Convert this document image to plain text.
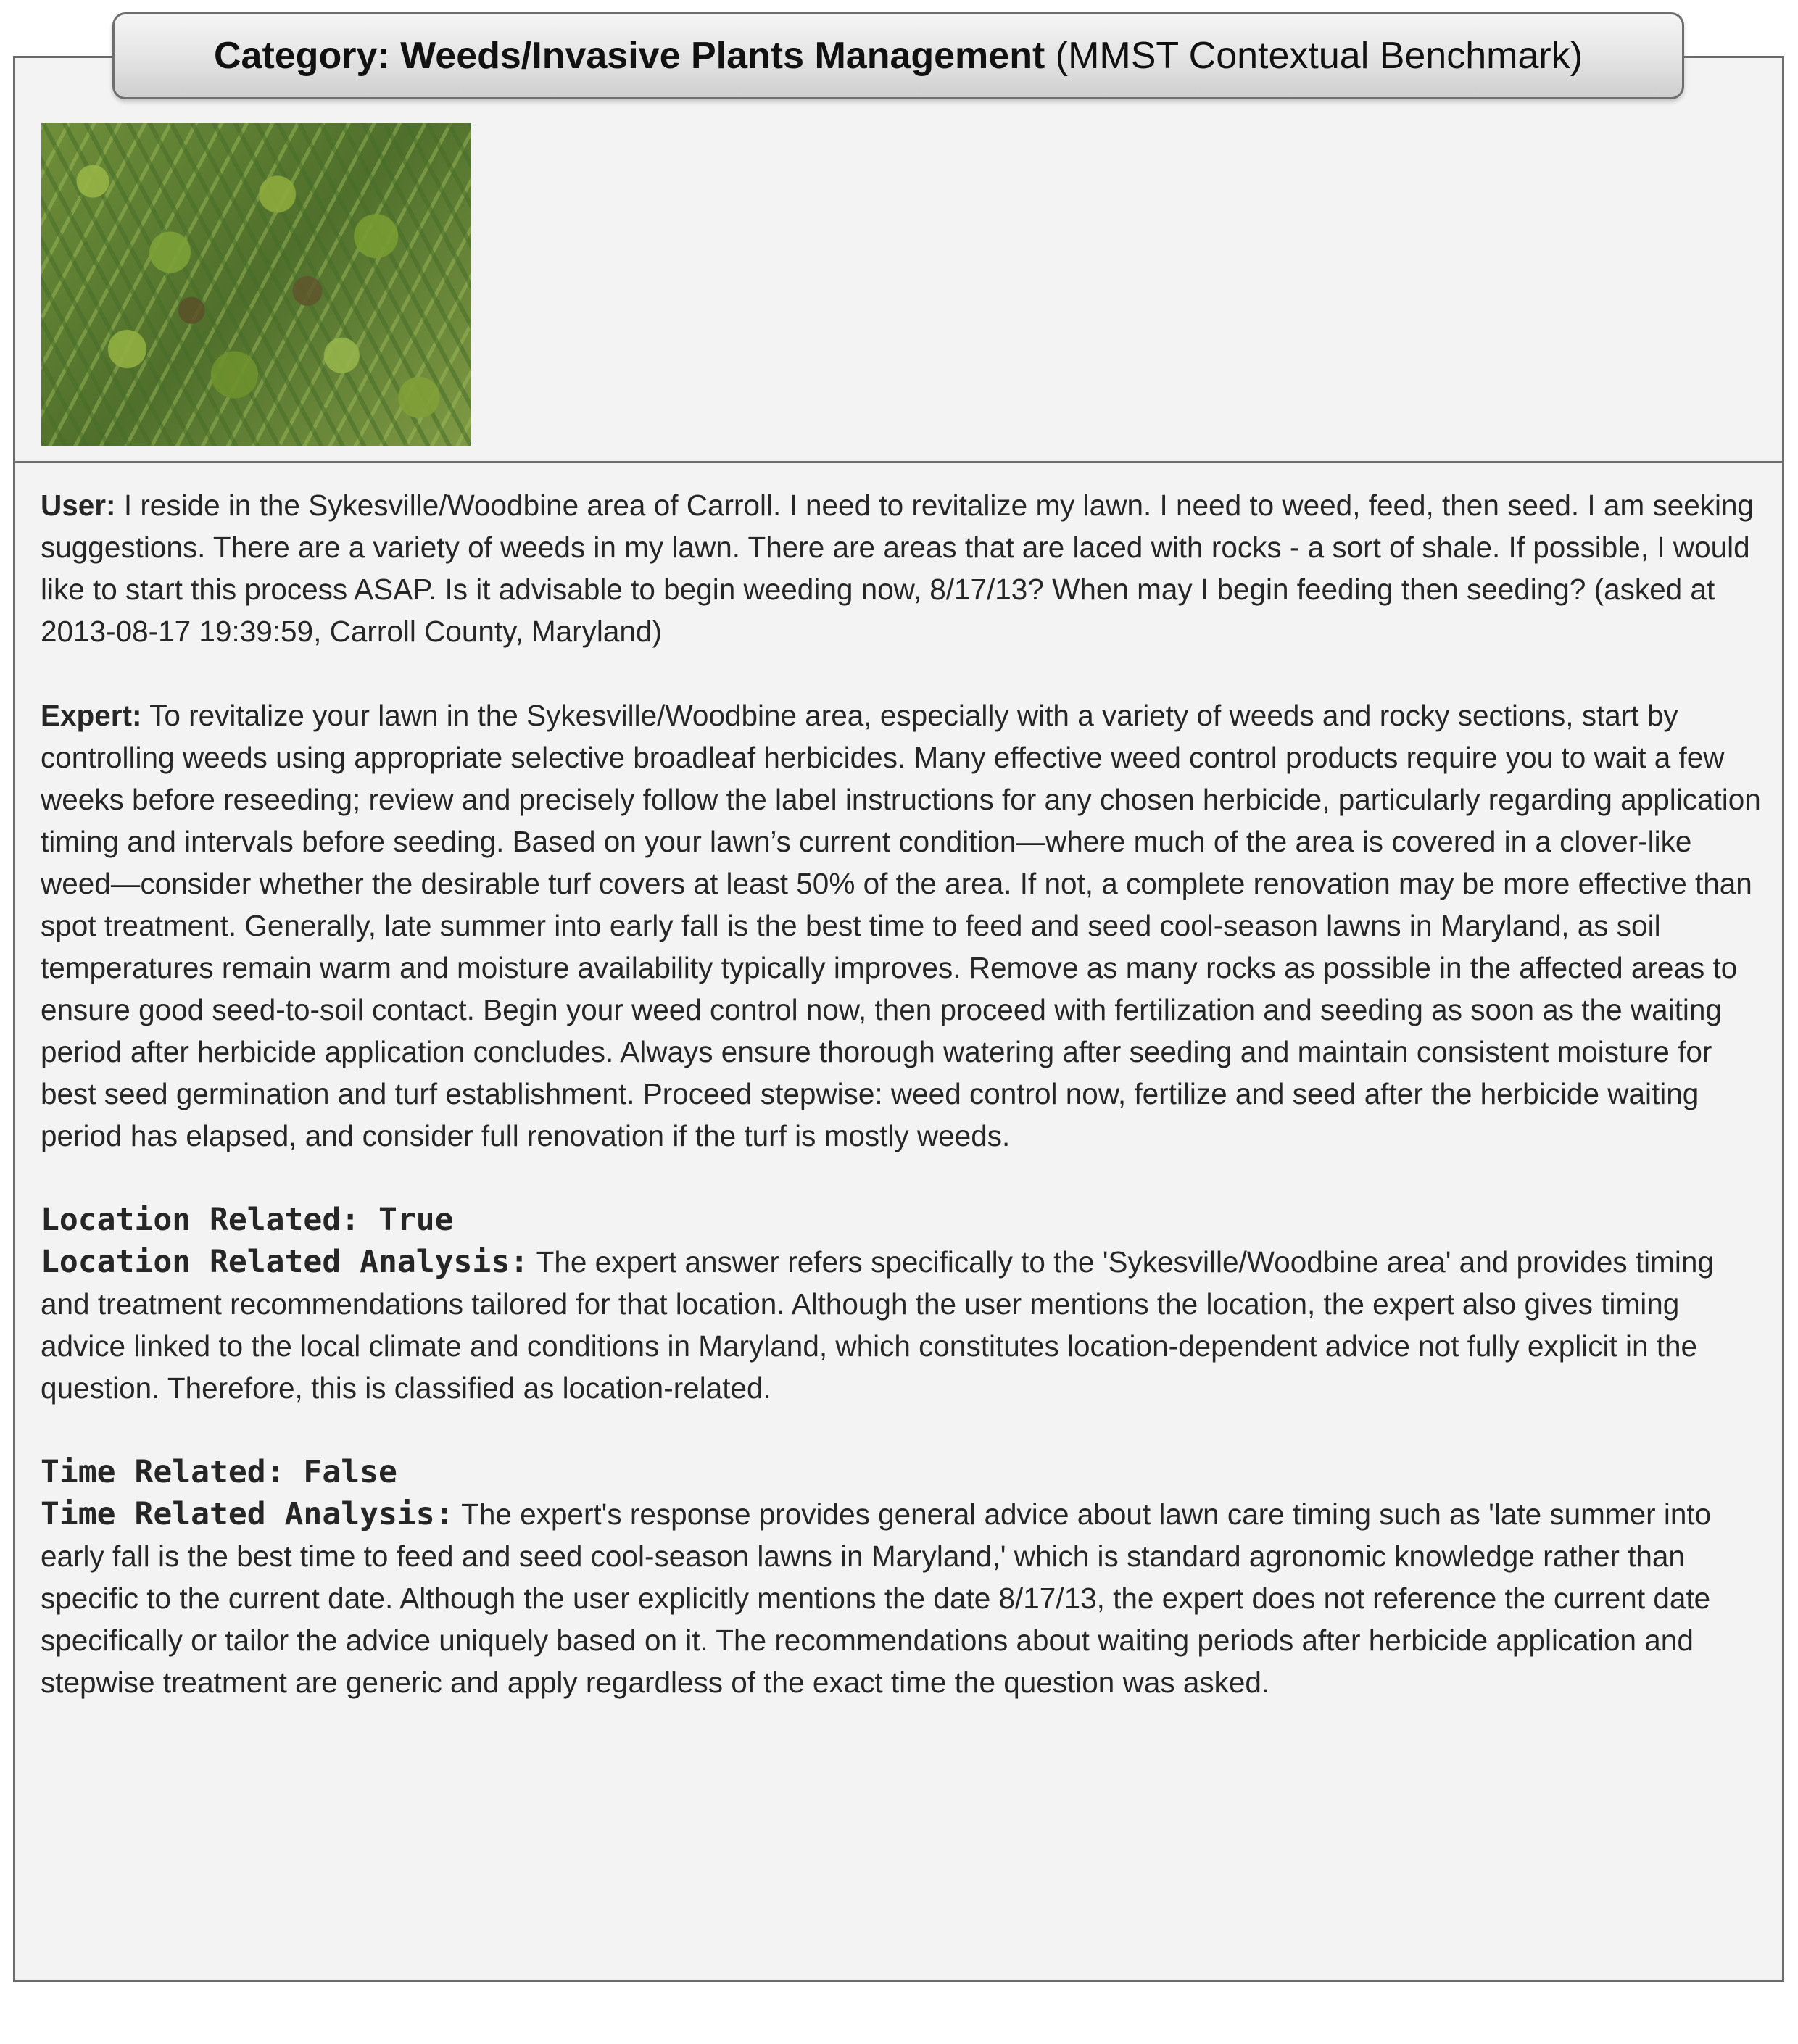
User: I reside in the Sykesville/Woodbine area of Carroll. I need to revitalize my lawn. I need to weed, feed, then seed. I am seeking suggestions. There are a variety of weeds in my lawn. There are areas that are laced with rocks - a sort of shale. If possible, I would like to start this process ASAP. Is it advisable to begin weeding now, 8/17/13? When may I begin feeding then seeding? (asked at 2013-08-17 19:39:59, Carroll County, Maryland)

Expert: To revitalize your lawn in the Sykesville/Woodbine area, especially with a variety of weeds and rocky sections, start by controlling weeds using appropriate selective broadleaf herbicides. Many effective weed control products require you to wait a few weeks before reseeding; review and precisely follow the label instructions for any chosen herbicide, particularly regarding application timing and intervals before seeding. Based on your lawn’s current condition—where much of the area is covered in a clover-like weed—consider whether the desirable turf covers at least 50% of the area. If not, a complete renovation may be more effective than spot treatment. Generally, late summer into early fall is the best time to feed and seed cool-season lawns in Maryland, as soil temperatures remain warm and moisture availability typically improves. Remove as many rocks as possible in the affected areas to ensure good seed-to-soil contact. Begin your weed control now, then proceed with fertilization and seeding as soon as the waiting period after herbicide application concludes. Always ensure thorough watering after seeding and maintain consistent moisture for best seed germination and turf establishment. Proceed stepwise: weed control now, fertilize and seed after the herbicide waiting period has elapsed, and consider full renovation if the turf is mostly weeds.

Location Related: True

Location Related Analysis: The expert answer refers specifically to the 'Sykesville/Woodbine area' and provides timing and treatment recommendations tailored for that location. Although the user mentions the location, the expert also gives timing advice linked to the local climate and conditions in Maryland, which constitutes location-dependent advice not fully explicit in the question. Therefore, this is classified as location-related.

Time Related: False

Time Related Analysis: The expert's response provides general advice about lawn care timing such as 'late summer into early fall is the best time to feed and seed cool-season lawns in Maryland,' which is standard agronomic knowledge rather than specific to the current date. Although the user explicitly mentions the date 8/17/13, the expert does not reference the current date specifically or tailor the advice uniquely based on it. The recommendations about waiting periods after herbicide application and stepwise treatment are generic and apply regardless of the exact time the question was asked.

Category:
Weeds/Invasive Plants Management
(MMST Contextual Benchmark)
